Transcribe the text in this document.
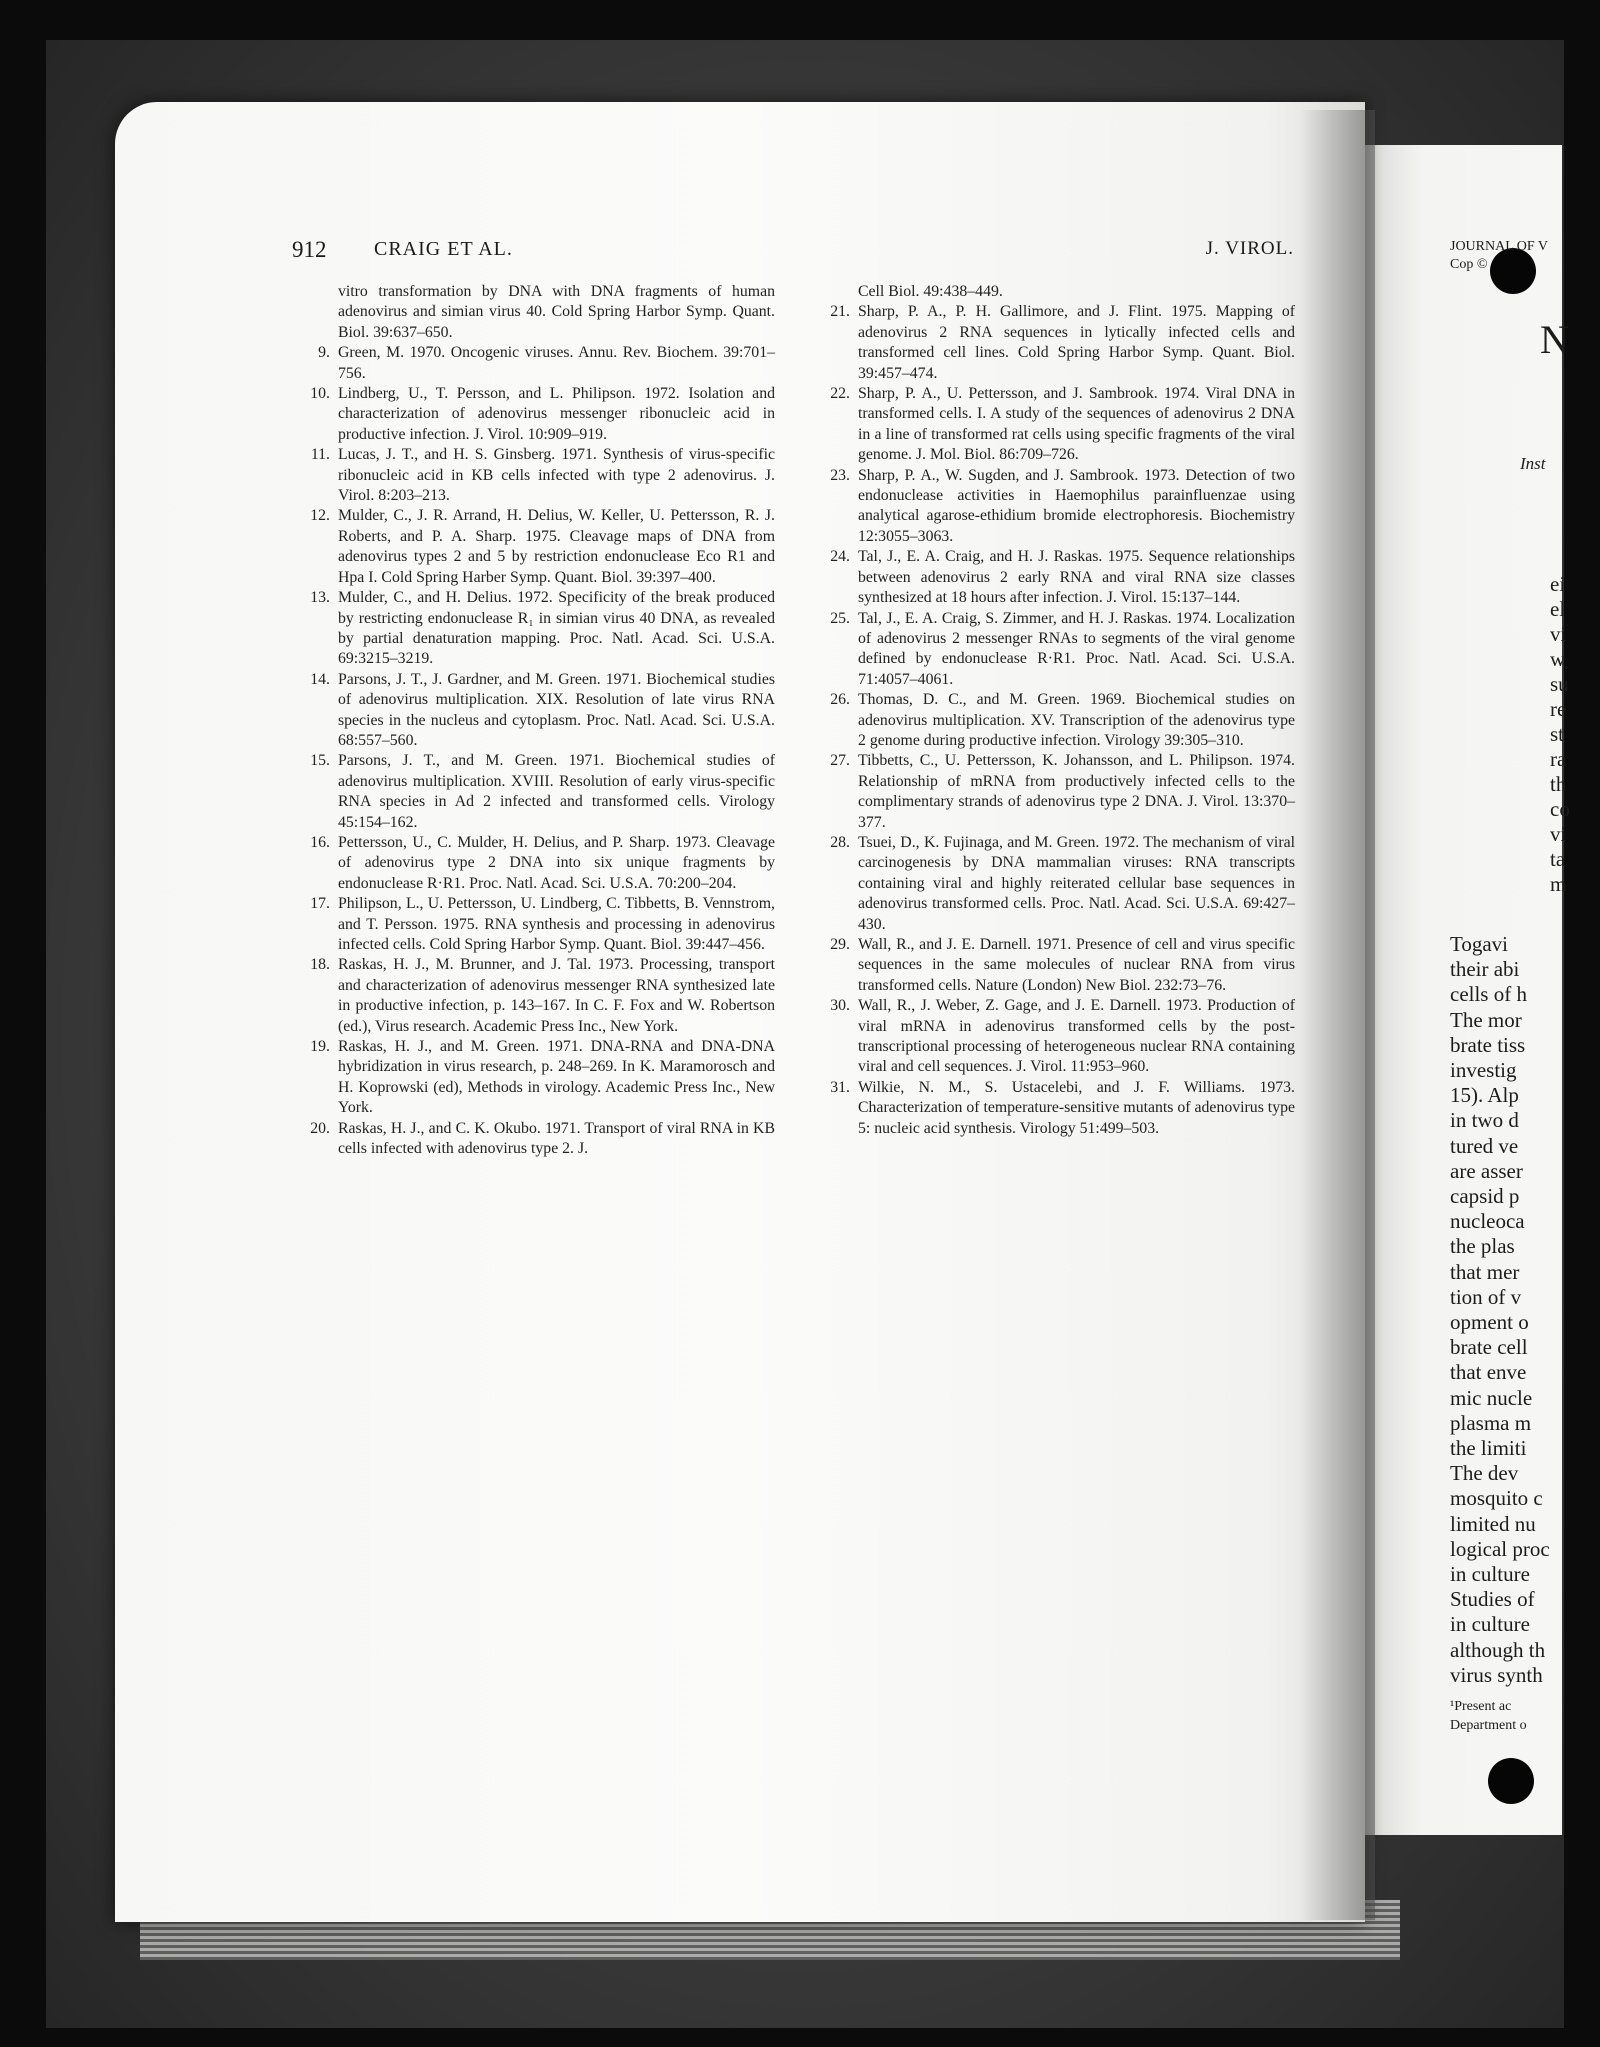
912 CRAIG ET AL.	J. VIROL.

vitro transformation by DNA with DNA fragments of human adenovirus and simian virus 40. Cold Spring Harbor Symp. Quant. Biol. 39:637–650.

9. Green, M. 1970. Oncogenic viruses. Annu. Rev. Biochem. 39:701–756.

10. Lindberg, U., T. Persson, and L. Philipson. 1972. Isolation and characterization of adenovirus messenger ribonucleic acid in productive infection. J. Virol. 10:909–919.

11. Lucas, J. T., and H. S. Ginsberg. 1971. Synthesis of virus-specific ribonucleic acid in KB cells infected with type 2 adenovirus. J. Virol. 8:203–213.

12. Mulder, C., J. R. Arrand, H. Delius, W. Keller, U. Pettersson, R. J. Roberts, and P. A. Sharp. 1975. Cleavage maps of DNA from adenovirus types 2 and 5 by restriction endonuclease Eco R1 and Hpa I. Cold Spring Harber Symp. Quant. Biol. 39:397–400.

13. Mulder, C., and H. Delius. 1972. Specificity of the break produced by restricting endonuclease R₁ in simian virus 40 DNA, as revealed by partial denaturation mapping. Proc. Natl. Acad. Sci. U.S.A. 69:3215–3219.

14. Parsons, J. T., J. Gardner, and M. Green. 1971. Biochemical studies of adenovirus multiplication. XIX. Resolution of late virus RNA species in the nucleus and cytoplasm. Proc. Natl. Acad. Sci. U.S.A. 68:557–560.

15. Parsons, J. T., and M. Green. 1971. Biochemical studies of adenovirus multiplication. XVIII. Resolution of early virus-specific RNA species in Ad 2 infected and transformed cells. Virology 45:154–162.

16. Pettersson, U., C. Mulder, H. Delius, and P. Sharp. 1973. Cleavage of adenovirus type 2 DNA into six unique fragments by endonuclease R·R1. Proc. Natl. Acad. Sci. U.S.A. 70:200–204.

17. Philipson, L., U. Pettersson, U. Lindberg, C. Tibbetts, B. Vennstrom, and T. Persson. 1975. RNA synthesis and processing in adenovirus infected cells. Cold Spring Harbor Symp. Quant. Biol. 39:447–456.

18. Raskas, H. J., M. Brunner, and J. Tal. 1973. Processing, transport and characterization of adenovirus messenger RNA synthesized late in productive infection, p. 143–167. In C. F. Fox and W. Robertson (ed.), Virus research. Academic Press Inc., New York.

19. Raskas, H. J., and M. Green. 1971. DNA-RNA and DNA-DNA hybridization in virus research, p. 248–269. In K. Maramorosch and H. Koprowski (ed), Methods in virology. Academic Press Inc., New York.

20. Raskas, H. J., and C. K. Okubo. 1971. Transport of viral RNA in KB cells infected with adenovirus type 2. J.

Cell Biol. 49:438–449.

21. Sharp, P. A., P. H. Gallimore, and J. Flint. 1975. Mapping of adenovirus 2 RNA sequences in lytically infected cells and transformed cell lines. Cold Spring Harbor Symp. Quant. Biol. 39:457–474.

22. Sharp, P. A., U. Pettersson, and J. Sambrook. 1974. Viral DNA in transformed cells. I. A study of the sequences of adenovirus 2 DNA in a line of transformed rat cells using specific fragments of the viral genome. J. Mol. Biol. 86:709–726.

23. Sharp, P. A., W. Sugden, and J. Sambrook. 1973. Detection of two endonuclease activities in Haemophilus parainfluenzae using analytical agarose-ethidium bromide electrophoresis. Biochemistry 12:3055–3063.

24. Tal, J., E. A. Craig, and H. J. Raskas. 1975. Sequence relationships between adenovirus 2 early RNA and viral RNA size classes synthesized at 18 hours after infection. J. Virol. 15:137–144.

25. Tal, J., E. A. Craig, S. Zimmer, and H. J. Raskas. 1974. Localization of adenovirus 2 messenger RNAs to segments of the viral genome defined by endonuclease R·R1. Proc. Natl. Acad. Sci. U.S.A. 71:4057–4061.

26. Thomas, D. C., and M. Green. 1969. Biochemical studies on adenovirus multiplication. XV. Transcription of the adenovirus type 2 genome during productive infection. Virology 39:305–310.

27. Tibbetts, C., U. Pettersson, K. Johansson, and L. Philipson. 1974. Relationship of mRNA from productively infected cells to the complimentary strands of adenovirus type 2 DNA. J. Virol. 13:370–377.

28. Tsuei, D., K. Fujinaga, and M. Green. 1972. The mechanism of viral carcinogenesis by DNA mammalian viruses: RNA transcripts containing viral and highly reiterated cellular base sequences in adenovirus transformed cells. Proc. Natl. Acad. Sci. U.S.A. 69:427–430.

29. Wall, R., and J. E. Darnell. 1971. Presence of cell and virus specific sequences in the same molecules of nuclear RNA from virus transformed cells. Nature (London) New Biol. 232:73–76.

30. Wall, R., J. Weber, Z. Gage, and J. E. Darnell. 1973. Production of viral mRNA in adenovirus transformed cells by the post-transcriptional processing of heterogeneous nuclear RNA containing viral and cell sequences. J. Virol. 11:953–960.

31. Wilkie, N. M., S. Ustacelebi, and J. F. Williams. 1973. Characterization of temperature-sensitive mutants of adenovirus type 5: nucleic acid synthesis. Virology 51:499–503.

JOURNAL OF V
Cop ©
N
Inst
ei
el
vi
w
su
re
st
ra
th
co
vi
ta
m
Togavi
their abi
cells of h
The mor
brate tiss
investig
15). Alp
in two d
tured ve
are asser
capsid p
nucleoca
the plas
that mer
tion of v
opment o
brate cell
that enve
mic nucle
plasma m
the limiti
The dev
mosquito c
limited nu
logical proc
in culture
Studies of
in culture
although th
virus synth
¹Present ac
Department o
